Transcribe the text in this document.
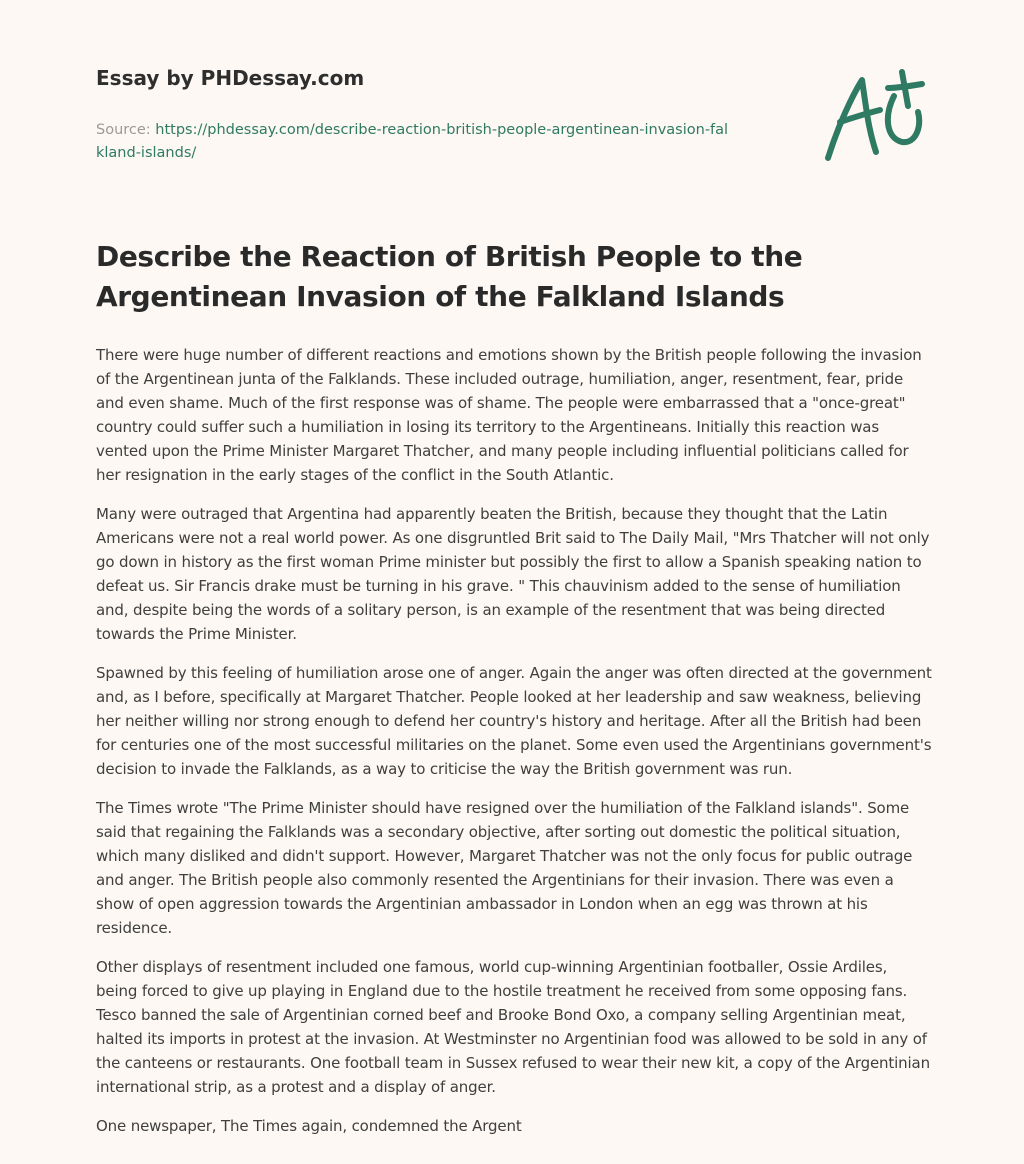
Essay by PHDessay.com
Source: https://phdessay.com/describe-reaction-british-people-argentinean-invasion-falkland-islands/
Describe the Reaction of British People to the Argentinean Invasion of the Falkland Islands

There were huge number of different reactions and emotions shown by the British people following the invasion of the Argentinean junta of the Falklands. These included outrage, humiliation, anger, resentment, fear, pride and even shame. Much of the first response was of shame. The people were embarrassed that a "once-great" country could suffer such a humiliation in losing its territory to the Argentineans. Initially this reaction was vented upon the Prime Minister Margaret Thatcher, and many people including influential politicians called for her resignation in the early stages of the conflict in the South Atlantic.

Many were outraged that Argentina had apparently beaten the British, because they thought that the Latin Americans were not a real world power. As one disgruntled Brit said to The Daily Mail, "Mrs Thatcher will not only go down in history as the first woman Prime minister but possibly the first to allow a Spanish speaking nation to defeat us. Sir Francis drake must be turning in his grave. " This chauvinism added to the sense of humiliation and, despite being the words of a solitary person, is an example of the resentment that was being directed towards the Prime Minister.

Spawned by this feeling of humiliation arose one of anger. Again the anger was often directed at the government and, as I before, specifically at Margaret Thatcher. People looked at her leadership and saw weakness, believing her neither willing nor strong enough to defend her country's history and heritage. After all the British had been for centuries one of the most successful militaries on the planet. Some even used the Argentinians government's decision to invade the Falklands, as a way to criticise the way the British government was run.

The Times wrote "The Prime Minister should have resigned over the humiliation of the Falkland islands". Some said that regaining the Falklands was a secondary objective, after sorting out domestic the political situation, which many disliked and didn't support. However, Margaret Thatcher was not the only focus for public outrage and anger. The British people also commonly resented the Argentinians for their invasion. There was even a show of open aggression towards the Argentinian ambassador in London when an egg was thrown at his residence.

Other displays of resentment included one famous, world cup-winning Argentinian footballer, Ossie Ardiles, being forced to give up playing in England due to the hostile treatment he received from some opposing fans. Tesco banned the sale of Argentinian corned beef and Brooke Bond Oxo, a company selling Argentinian meat, halted its imports in protest at the invasion. At Westminster no Argentinian food was allowed to be sold in any of the canteens or restaurants. One football team in Sussex refused to wear their new kit, a copy of the Argentinian international strip, as a protest and a display of anger.

One newspaper, The Times again, condemned the Argent
